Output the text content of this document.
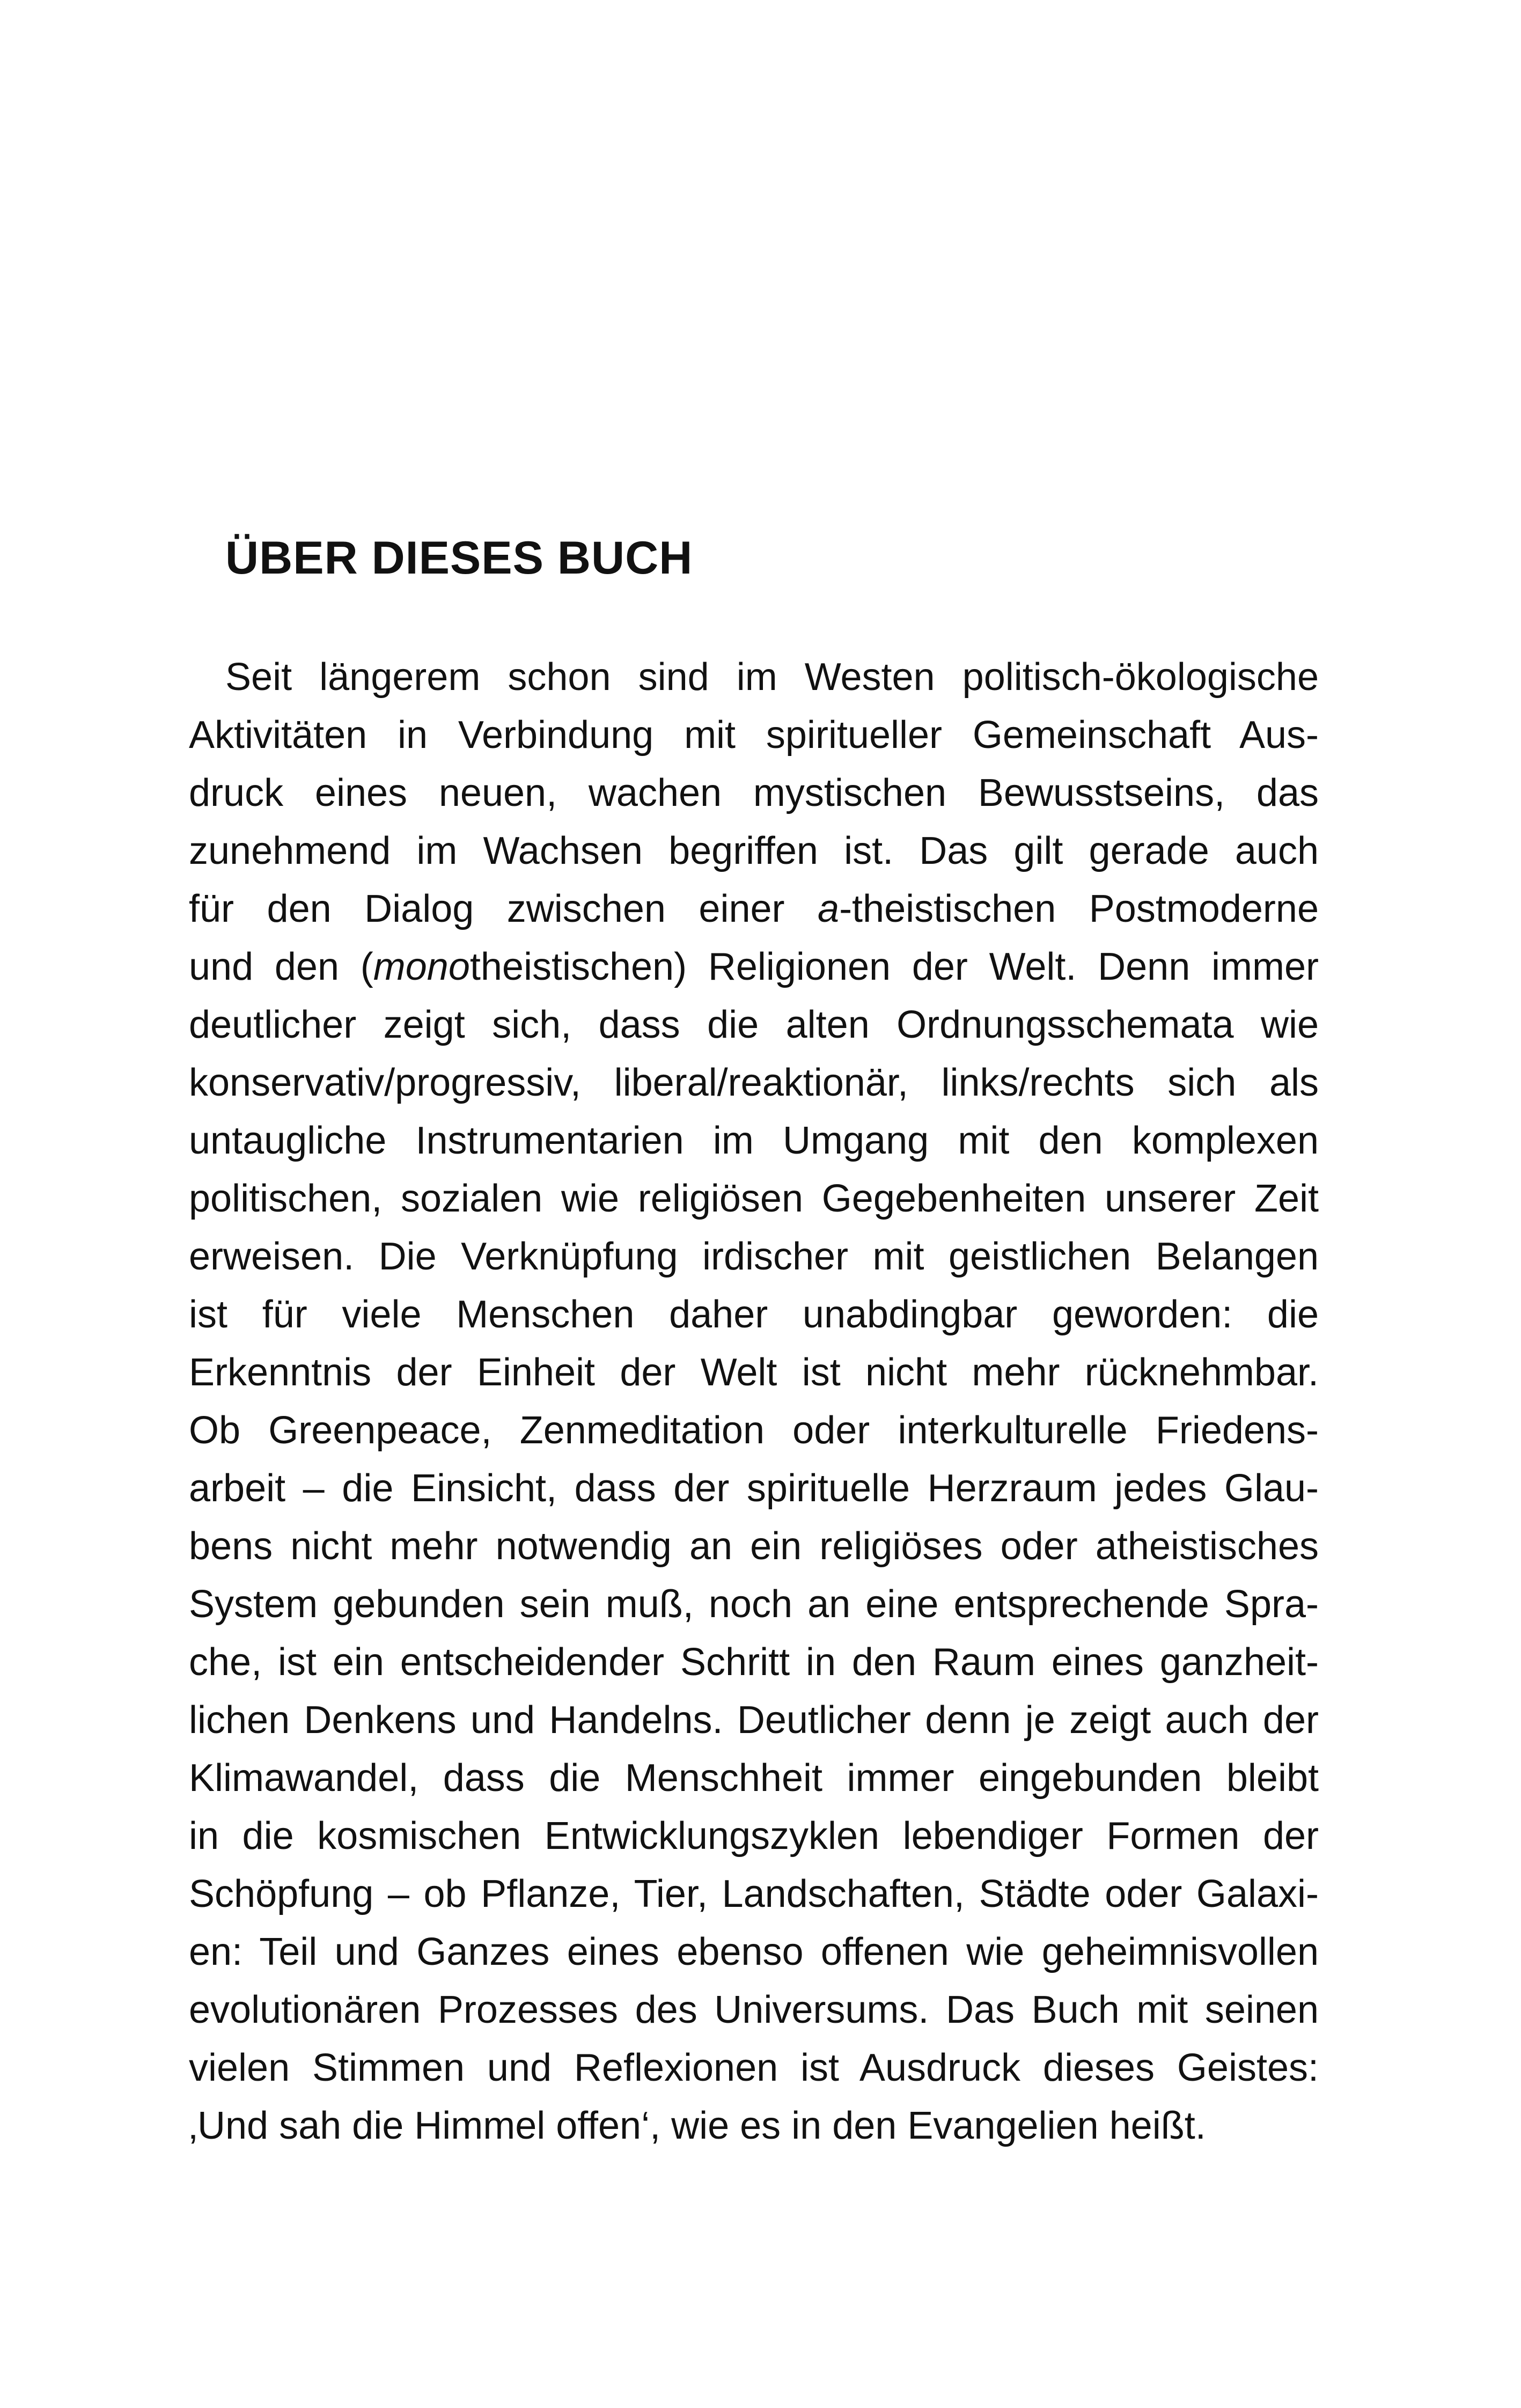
ÜBER DIESES BUCH
Seit längerem schon sind im Westen politisch-ökologische
Aktivitäten in Verbindung mit spiritueller Gemeinschaft Aus-
druck eines neuen, wachen mystischen Bewusstseins, das
zunehmend im Wachsen begriffen ist. Das gilt gerade auch
für den Dialog zwischen einer a-theistischen Postmoderne
und den (monotheistischen) Religionen der Welt. Denn immer
deutlicher zeigt sich, dass die alten Ordnungsschemata wie
konservativ/progressiv, liberal/reaktionär, links/rechts sich als
untaugliche Instrumentarien im Umgang mit den komplexen
politischen, sozialen wie religiösen Gegebenheiten unserer Zeit
erweisen. Die Verknüpfung irdischer mit geistlichen Belangen
ist für viele Menschen daher unabdingbar geworden: die
Erkenntnis der Einheit der Welt ist nicht mehr rücknehmbar.
Ob Greenpeace, Zenmeditation oder interkulturelle Friedens-
arbeit – die Einsicht, dass der spirituelle Herzraum jedes Glau-
bens nicht mehr notwendig an ein religiöses oder atheistisches
System gebunden sein muß, noch an eine entsprechende Spra-
che, ist ein entscheidender Schritt in den Raum eines ganzheit-
lichen Denkens und Handelns. Deutlicher denn je zeigt auch der
Klimawandel, dass die Menschheit immer eingebunden bleibt
in die kosmischen Entwicklungszyklen lebendiger Formen der
Schöpfung – ob Pflanze, Tier, Landschaften, Städte oder Galaxi-
en: Teil und Ganzes eines ebenso offenen wie geheimnisvollen
evolutionären Prozesses des Universums. Das Buch mit seinen
vielen Stimmen und Reflexionen ist Ausdruck dieses Geistes:
‚Und sah die Himmel offen‘, wie es in den Evangelien heißt.
